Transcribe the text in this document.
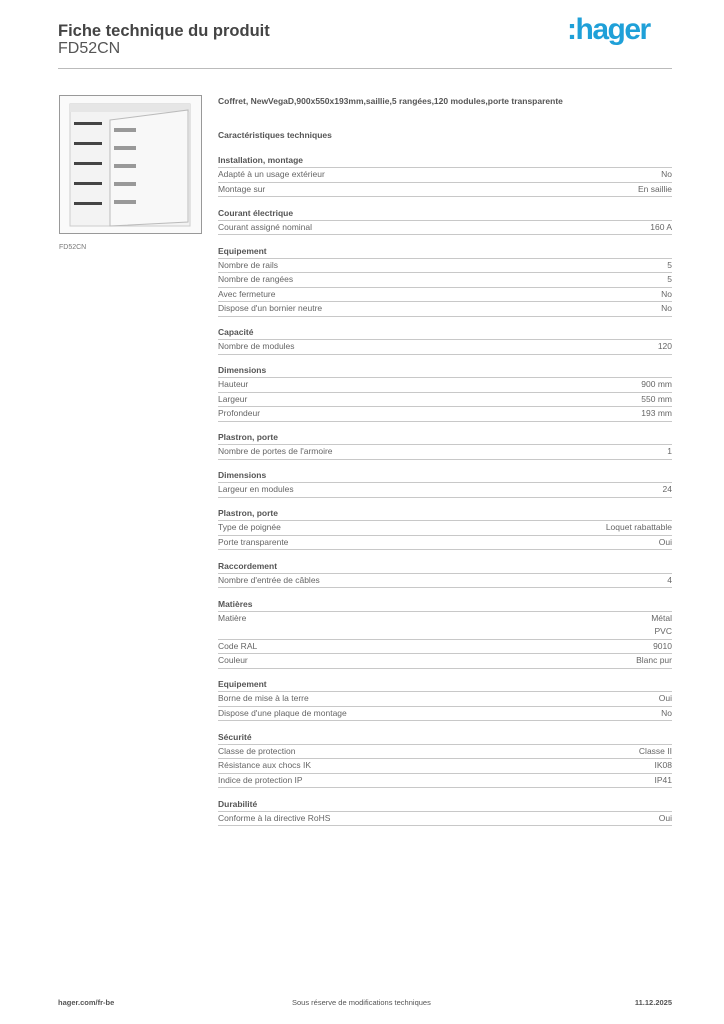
Fiche technique du produit
FD52CN
:hager
FD52CN
Coffret, NewVegaD,900x550x193mm,saillie,5 rangées,120 modules,porte transparente
Caractéristiques techniques
Installation, montage
Adapté à un usage extérieur	No
Montage sur	En saillie
Courant électrique
Courant assigné nominal	160 A
Equipement
Nombre de rails	5
Nombre de rangées	5
Avec fermeture	No
Dispose d'un bornier neutre	No
Capacité
Nombre de modules	120
Dimensions
Hauteur	900 mm
Largeur	550 mm
Profondeur	193 mm
Plastron, porte
Nombre de portes de l'armoire	1
Dimensions
Largeur en modules	24
Plastron, porte
Type de poignée	Loquet rabattable
Porte transparente	Oui
Raccordement
Nombre d'entrée de câbles	4
Matières
Matière	Métal
PVC
Code RAL	9010
Couleur	Blanc pur
Equipement
Borne de mise à la terre	Oui
Dispose d'une plaque de montage	No
Sécurité
Classe de protection	Classe II
Résistance aux chocs IK	IK08
Indice de protection IP	IP41
Durabilité
Conforme à la directive RoHS	Oui
hager.com/fr-be	Sous réserve de modifications techniques	11.12.2025
